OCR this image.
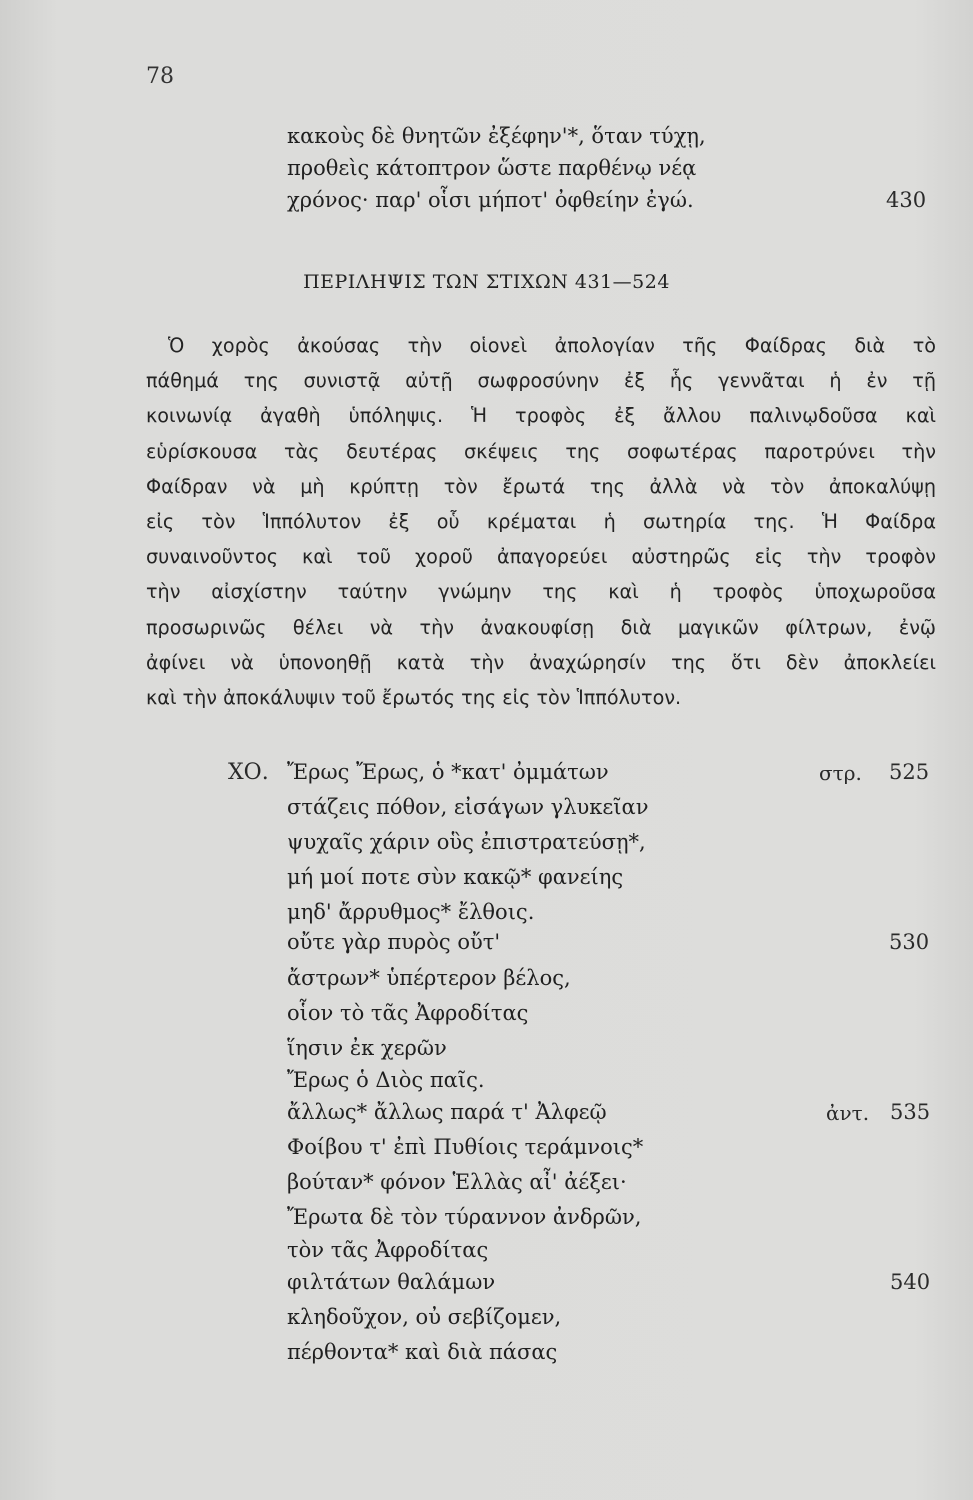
78
κακοὺς δὲ θνητῶν ἐξέφην'*, ὅταν τύχῃ,
προθεὶς κάτοπτρον ὥστε παρθένῳ νέᾳ
χρόνος· παρ' οἷσι μήποτ' ὀφθείην ἐγώ.	430
ΠΕΡΙΛΗΨΙΣ ΤΩΝ ΣΤΙΧΩΝ 431—524
Ὁ χορὸς ἀκούσας τὴν οἱονεὶ ἀπολογίαν τῆς Φαίδρας διὰ τὸ
πάθημά της συνιστᾷ αὐτῇ σωφροσύνην ἐξ ἧς γεννᾶται ἡ ἐν τῇ
κοινωνίᾳ ἀγαθὴ ὑπόληψις. Ἡ τροφὸς ἐξ ἄλλου παλινῳδοῦσα καὶ
εὑρίσκουσα τὰς δευτέρας σκέψεις της σοφωτέρας παροτρύνει τὴν
Φαίδραν νὰ μὴ κρύπτῃ τὸν ἔρωτά της ἀλλὰ νὰ τὸν ἀποκαλύψῃ
εἰς τὸν Ἱππόλυτον ἐξ οὗ κρέμαται ἡ σωτηρία της. Ἡ Φαίδρα
συναινοῦντος καὶ τοῦ χοροῦ ἀπαγορεύει αὐστηρῶς εἰς τὴν τροφὸν
τὴν αἰσχίστην ταύτην γνώμην της καὶ ἡ τροφὸς ὑποχωροῦσα
προσωρινῶς θέλει νὰ τὴν ἀνακουφίσῃ διὰ μαγικῶν φίλτρων, ἐνῷ
ἀφίνει νὰ ὑπονοηθῇ κατὰ τὴν ἀναχώρησίν της ὅτι δὲν ἀποκλείει
καὶ τὴν ἀποκάλυψιν τοῦ ἔρωτός της εἰς τὸν Ἱππόλυτον.
ΧΟ. Ἔρως Ἔρως, ὁ *κατ' ὀμμάτων	στρ. 525
στάζεις πόθον, εἰσάγων γλυκεῖαν
ψυχαῖς χάριν οὓς ἐπιστρατεύσῃ*,
μή μοί ποτε σὺν κακῷ* φανείης
μηδ' ἄρρυθμος* ἔλθοις.
οὔτε γὰρ πυρὸς οὔτ'	530
ἄστρων* ὑπέρτερον βέλος,
οἷον τὸ τᾶς Ἀφροδίτας
ἵησιν ἐκ χερῶν
Ἔρως ὁ Διὸς παῖς.
ἄλλως* ἄλλως παρά τ' Ἀλφεῷ	ἀντ. 535
Φοίβου τ' ἐπὶ Πυθίοις τεράμνοις*
βούταν* φόνον Ἑλλὰς αἶ' ἀέξει·
Ἔρωτα δὲ τὸν τύραννον ἀνδρῶν,
τὸν τᾶς Ἀφροδίτας
φιλτάτων θαλάμων	540
κληδοῦχον, οὐ σεβίζομεν,
πέρθοντα* καὶ διὰ πάσας
